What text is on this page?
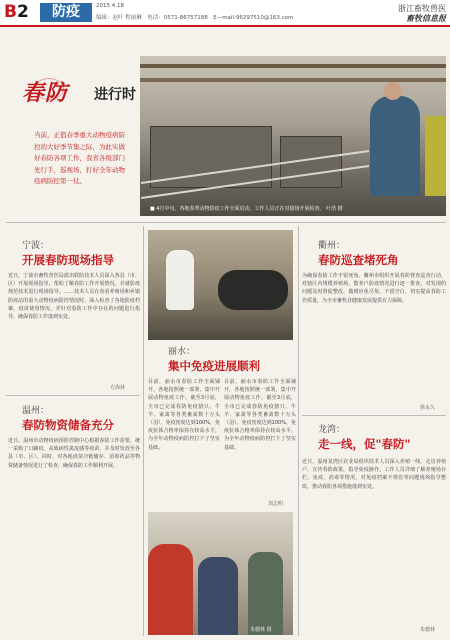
B 2	防疫	2015.4.18
编辑：赵叶 程丽琳　电话：0571-86757188　E—mail:96297510@163.com
浙江畜牧兽医
畜牧信息报
春防 进行时
当前，正值春季重大动物疫病防控的大好季节集之际，为此实做好春防各项工作，我省各级部门先行手，巡视场，打好全年动物疫病防控第一仗。
■ 4月中旬，各地春季动物防疫工作全面启动，工作人员正在对猪场开展检查。 叶浩 摄
宁波：
开展春防现场指导
近日，宁波市畜牧兽医局派出联防技术人员深入各县（市、区）开展现场指导，帮助了解春防工作开展情况，并就防疫规范技术进行现场指导。……技术人员在查看养殖场和乡镇防疫站的重大动物疫病防控情况时，深入检查了各地防疫档案、疫苗使用情况。并针对春防工作中存在的问题进行指导，确保春防工作落到实处。
方海林
温州：
春防物资储备充分
近日，温州市动物疫病预防控制中心根据春防工作需要，统一采购了口蹄疫、高致病性禽流感等疫苗，并及时发放至各县（市、区）。同时，对各地疫苗冷链储存、消毒药品等物资储备情况进行了检查，确保春防工作顺利开展。
丽水：
集中免疫进展顺利
目前，丽水市春防工作全面铺开，各地按照统一部署，集中开展动物免疫工作。截至3月底，全市已完成春防免疫猪只、牛羊、家禽等各类畜禽数十万头（羽），免疫密度达到100%，免疫抗体合格率保持在较高水平，为全年动物疫病防控打下了坚实基础。
目前，丽水市春防工作全面铺开，各地按照统一部署，集中开展动物免疫工作。截至3月底，全市已完成春防免疫猪只、牛羊、家禽等各类畜禽数十万头（羽），免疫密度达到100%，免疫抗体合格率保持在较高水平，为全年动物疫病防控打下了坚实基础。
刘志明
朱德林 摄
衢州：
春防巡查堵死角
为确保春防工作不留死角，衢州市组织开展春防督查巡查行动，对辖区内规模养殖场、散养户防疫情况进行逐一排查。对发现的问题及时督促整改，做到应免尽免、不留空白，切实提高春防工作质量，为全市畜牧业健康发展提供有力保障。
徐永久
龙湾：
走一线，促"春防"
近日，温州龙湾区农业局组织技术人员深入养殖一线，走访养殖户，宣传春防政策，指导免疫操作。工作人员详细了解养殖场存栏、免疫、消毒等情况，对免疫档案不规范等问题现场指导整改，推动春防各项措施落到实处。
朱德林
